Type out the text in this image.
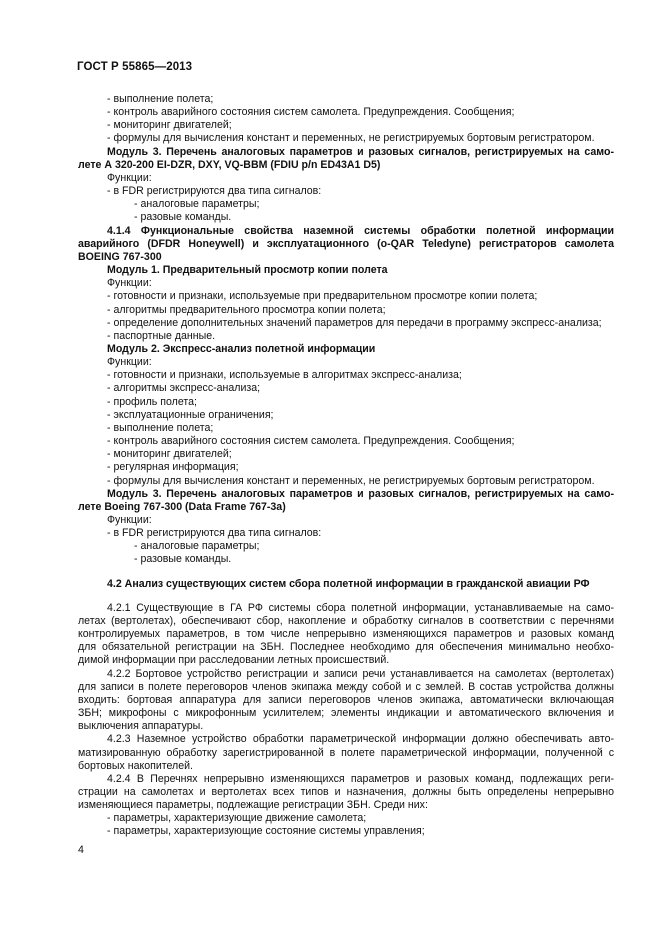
ГОСТ Р 55865—2013
- выполнение полета;
- контроль аварийного состояния систем самолета. Предупреждения. Сообщения;
- мониторинг двигателей;
- формулы для вычисления констант и переменных, не регистрируемых бортовым регистратором.
Модуль 3. Перечень аналоговых параметров и разовых сигналов, регистрируемых на само-
лете А 320-200 EI-DZR, DXY, VQ-BBM (FDIU p/n ED43A1 D5)
Функции:
- в FDR регистрируются два типа сигналов:
- аналоговые параметры;
- разовые команды.
4.1.4 Функциональные свойства наземной системы обработки полетной информации
аварийного (DFDR Honeywell) и эксплуатационного (o-QAR Teledyne) регистраторов самолета
BOEING 767-300
Модуль 1. Предварительный просмотр копии полета
Функции:
- готовности и признаки, используемые при предварительном просмотре копии полета;
- алгоритмы предварительного просмотра копии полета;
- определение дополнительных значений параметров для передачи в программу экспресс-анализа;
- паспортные данные.
Модуль 2. Экспресс-анализ полетной информации
Функции:
- готовности и признаки, используемые в алгоритмах экспресс-анализа;
- алгоритмы экспресс-анализа;
- профиль полета;
- эксплуатационные ограничения;
- выполнение полета;
- контроль аварийного состояния систем самолета. Предупреждения. Сообщения;
- мониторинг двигателей;
- регулярная информация;
- формулы для вычисления констант и переменных, не регистрируемых бортовым регистратором.
Модуль 3. Перечень аналоговых параметров и разовых сигналов, регистрируемых на само-
лете Boeing 767-300 (Data Frame 767-3a)
Функции:
- в FDR регистрируются два типа сигналов:
- аналоговые параметры;
- разовые команды.
4.2 Анализ существующих систем сбора полетной информации в гражданской авиации РФ
4.2.1 Существующие в ГА РФ системы сбора полетной информации, устанавливаемые на само-
летах (вертолетах), обеспечивают сбор, накопление и обработку сигналов в соответствии с перечнями
контролируемых параметров, в том числе непрерывно изменяющихся параметров и разовых команд
для обязательной регистрации на ЗБН. Последнее необходимо для обеспечения минимально необхо-
димой информации при расследовании летных происшествий.
4.2.2 Бортовое устройство регистрации и записи речи устанавливается на самолетах (вертолетах)
для записи в полете переговоров членов экипажа между собой и с землей. В состав устройства должны
входить: бортовая аппаратура для записи переговоров членов экипажа, автоматически включающая
ЗБН; микрофоны с микрофонным усилителем; элементы индикации и автоматического включения и
выключения аппаратуры.
4.2.3 Наземное устройство обработки параметрической информации должно обеспечивать авто-
матизированную обработку зарегистрированной в полете параметрической информации, полученной с
бортовых накопителей.
4.2.4 В Перечнях непрерывно изменяющихся параметров и разовых команд, подлежащих реги-
страции на самолетах и вертолетах всех типов и назначения, должны быть определены непрерывно
изменяющиеся параметры, подлежащие регистрации ЗБН. Среди них:
- параметры, характеризующие движение самолета;
- параметры, характеризующие состояние системы управления;
4
